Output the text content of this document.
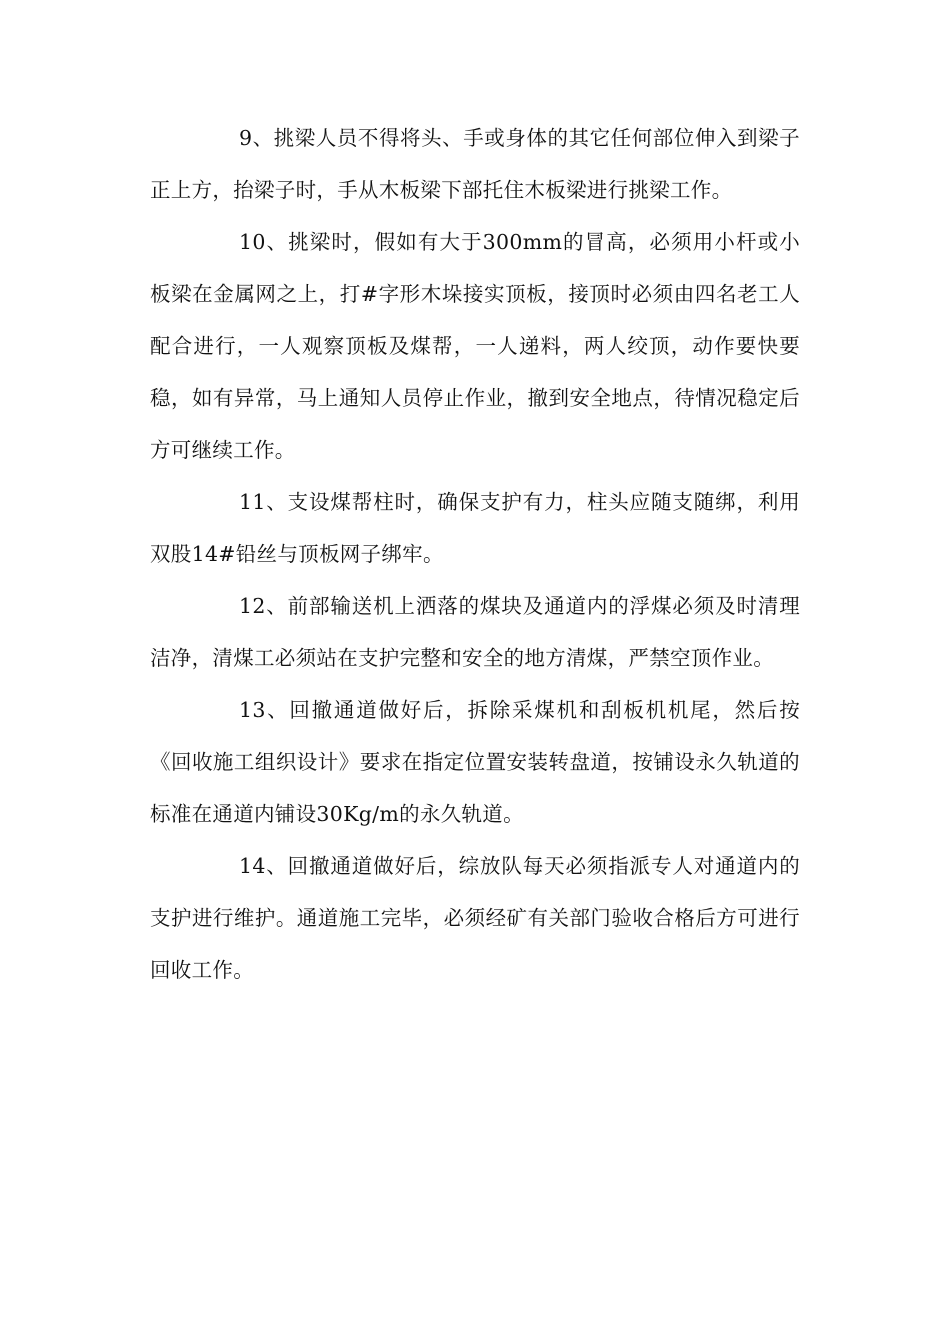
9、挑梁人员不得将头、手或身体的其它任何部位伸入到梁子正上方，抬梁子时，手从木板梁下部托住木板梁进行挑梁工作。

10、挑梁时，假如有大于300mm的冒高，必须用小杆或小板梁在金属网之上，打#字形木垛接实顶板，接顶时必须由四名老工人配合进行，一人观察顶板及煤帮，一人递料，两人绞顶，动作要快要稳，如有异常，马上通知人员停止作业，撤到安全地点，待情况稳定后方可继续工作。

11、支设煤帮柱时，确保支护有力，柱头应随支随绑，利用双股14#铅丝与顶板网子绑牢。

12、前部输送机上洒落的煤块及通道内的浮煤必须及时清理洁净，清煤工必须站在支护完整和安全的地方清煤，严禁空顶作业。

13、回撤通道做好后，拆除采煤机和刮板机机尾，然后按《回收施工组织设计》要求在指定位置安装转盘道，按铺设永久轨道的标准在通道内铺设30Kg/m的永久轨道。

14、回撤通道做好后，综放队每天必须指派专人对通道内的支护进行维护。通道施工完毕，必须经矿有关部门验收合格后方可进行回收工作。
